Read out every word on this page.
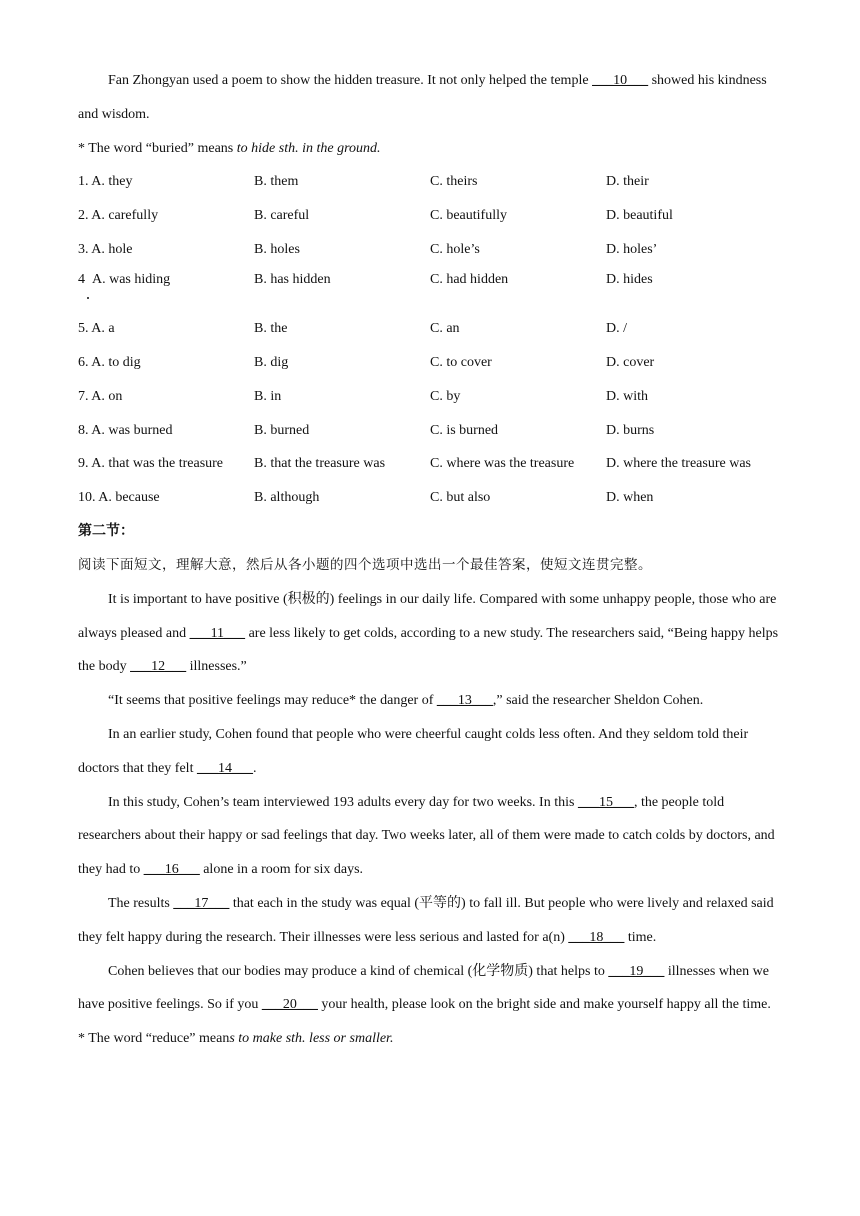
Fan Zhongyan used a poem to show the hidden treasure. It not only helped the temple ___10___ showed his kindness and wisdom.

* The word “buried” means to hide sth. in the ground.

1. A. they	B. them	C. theirs	D. their
2. A. carefully	B. careful	C. beautifully	D. beautiful
3. A. hole	B. holes	C. hole’s	D. holes’
4 A. was hiding	B. has hidden	C. had hidden	D. hides
5. A. a	B. the	C. an	D. /
6. A. to dig	B. dig	C. to cover	D. cover
7. A. on	B. in	C. by	D. with
8. A. was burned	B. burned	C. is burned	D. burns
9. A. that was the treasure	B. that the treasure was	C. where was the treasure	D. where the treasure was
10. A. because	B. although	C. but also	D. when

第二节：

阅读下面短文，理解大意，然后从各小题的四个选项中选出一个最佳答案，使短文连贯完整。

It is important to have positive (积极的) feelings in our daily life. Compared with some unhappy people, those who are always pleased and ___11___ are less likely to get colds, according to a new study. The researchers said, “Being happy helps the body ___12___ illnesses.”

“It seems that positive feelings may reduce* the danger of ___13___,” said the researcher Sheldon Cohen.

In an earlier study, Cohen found that people who were cheerful caught colds less often. And they seldom told their doctors that they felt ___14___.

In this study, Cohen’s team interviewed 193 adults every day for two weeks. In this ___15___, the people told researchers about their happy or sad feelings that day. Two weeks later, all of them were made to catch colds by doctors, and they had to ___16___ alone in a room for six days.

The results ___17___ that each in the study was equal (平等的) to fall ill. But people who were lively and relaxed said they felt happy during the research. Their illnesses were less serious and lasted for a(n) ___18___ time.

Cohen believes that our bodies may produce a kind of chemical (化学物质) that helps to ___19___ illnesses when we have positive feelings. So if you ___20___ your health, please look on the bright side and make yourself happy all the time.

* The word “reduce” means to make sth. less or smaller.
